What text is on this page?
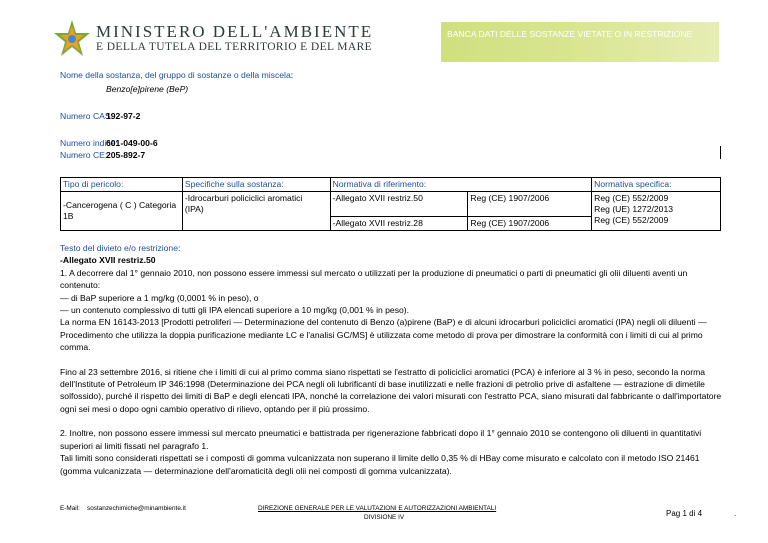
MINISTERO DELL'AMBIENTE
E DELLA TUTELA DEL TERRITORIO E DEL MARE
BANCA DATI DELLE SOSTANZE VIETATE O IN RESTRIZIONE
Nome della sostanza, del gruppo di sostanze o della miscela:
Benzo[e]pirene (BeP)
Numero CAS:
192-97-2
Numero indice:
601-049-00-6
Numero CE:
205-892-7
Tipo di pericolo:	Specifiche sulla sostanza:	Normativa di riferimento:		Normativa specifica:
-Cancerogena ( C ) Categoria 1B	-Idrocarburi policiclici aromatici
(IPA)	-Allegato XVII restriz.50	Reg (CE) 1907/2006	Reg (CE) 552/2009
Reg (UE) 1272/2013
Reg (CE) 552/2009
		-Allegato XVII restriz.28	Reg (CE) 1907/2006	

Testo del divieto e/o restrizione:

-Allegato XVII restriz.50

1. A decorrere dal 1° gennaio 2010, non possono essere immessi sul mercato o utilizzati per la produzione di pneumatici o parti di pneumatici gli olii diluenti aventi un contenuto:

— di BaP superiore a 1 mg/kg (0,0001 % in peso), o

— un contenuto complessivo di tutti gli IPA elencati superiore a 10 mg/kg (0,001 % in peso).

La norma EN 16143-2013 [Prodotti petroliferi — Determinazione del contenuto di Benzo (a)pirene (BaP) e di alcuni idrocarburi policiclici aromatici (IPA) negli oli diluenti — Procedimento che utilizza la doppia purificazione mediante LC e l'analisi GC/MS] è utilizzata come metodo di prova per dimostrare la conformità con i limiti di cui al primo comma.

Fino al 23 settembre 2016, si ritiene che i limiti di cui al primo comma siano rispettati se l'estratto di policiclici aromatici (PCA) è inferiore al 3 % in peso, secondo la norma dell'Institute of Petroleum IP 346:1998 (Determinazione dei PCA negli oli lubrificanti di base inutilizzati e nelle frazioni di petrolio prive di asfaltene — estrazione di dimetile solfossido), purché il rispetto dei limiti di BaP e degli elencati IPA, nonché la correlazione dei valori misurati con l'estratto PCA, siano misurati dal fabbricante o dall'importatore ogni sei mesi o dopo ogni cambio operativo di rilievo, optando per il più prossimo.

2. Inoltre, non possono essere immessi sul mercato pneumatici e battistrada per rigenerazione fabbricati dopo il 1° gennaio 2010 se contengono oli diluenti in quantitativi superiori ai limiti fissati nel paragrafo 1.

Tali limiti sono considerati rispettati se i composti di gomma vulcanizzata non superano il limite dello 0,35 % di HBay come misurato e calcolato con il metodo ISO 21461 (gomma vulcanizzata — determinazione dell'aromaticità degli olii nei composti di gomma vulcanizzata).

E-Mail: sostanzechimiche@minambiente.it	DIREZIONE GENERALE PER LE VALUTAZIONI E AUTORIZZAZIONI AMBIENTALI
DIVISIONE IV	Pag 1 di 4	.
